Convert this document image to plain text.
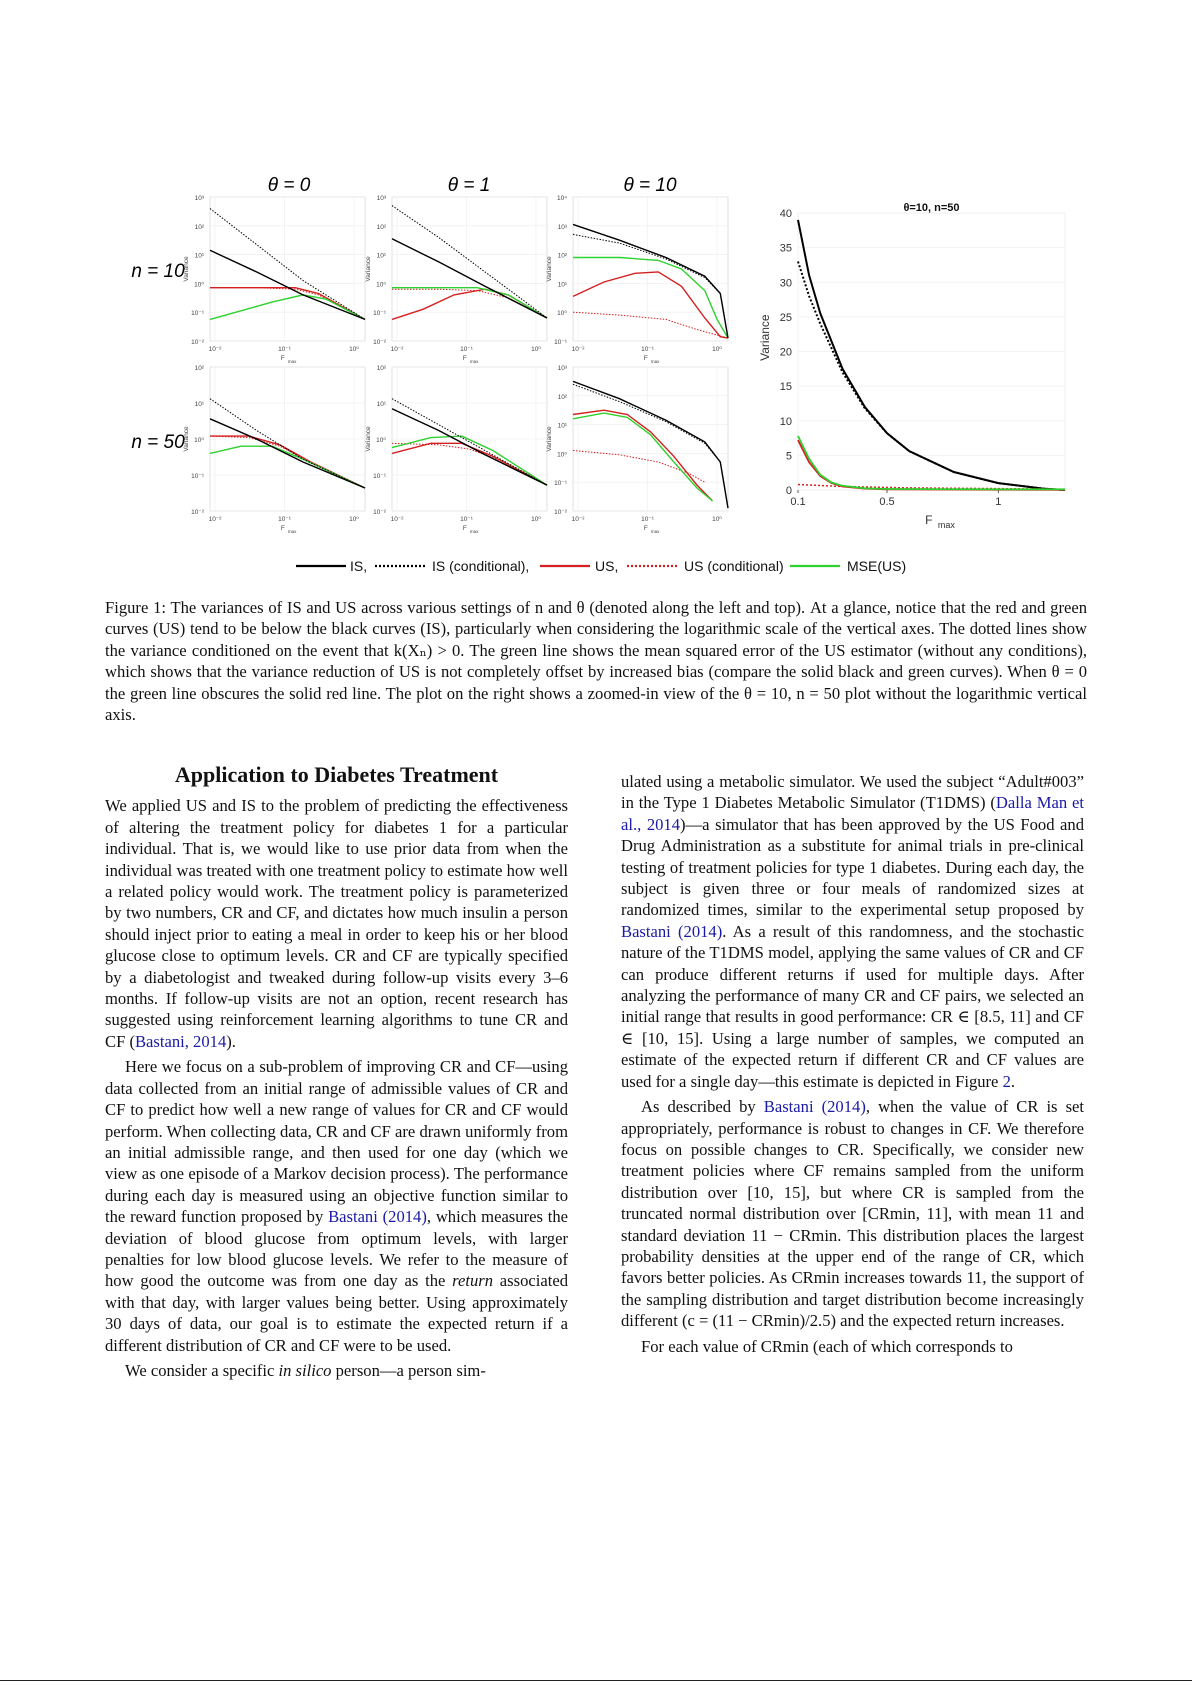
θ = 0	θ = 1	θ = 10
n = 10
n = 50
10³
10²
10¹
10⁰
10⁻¹
10⁻²
10⁻²	10⁻¹	10⁰
F max
Variance
10³
10²
10¹
10⁰
10⁻¹
10⁻²
10⁻²	10⁻¹	10⁰
F max
Variance
10⁴
10³
10²
10¹
10⁰
10⁻¹
10⁻²	10⁻¹	10⁰
F max
Variance
10²
10¹
10⁰
10⁻¹
10⁻²
10⁻²	10⁻¹	10⁰
F max
Variance
10²
10¹
10⁰
10⁻¹
10⁻²
10⁻²	10⁻¹	10⁰
F max
Variance
10³
10²
10¹
10⁰
10⁻¹
10⁻²
10⁻²	10⁻¹	10⁰
F max
Variance
0
5
10
15
20
25
30
35
40
0.1	0.5	1
θ=10, n=50
F max
Variance
IS,	IS (conditional),	US,	US (conditional)	MSE(US)
Figure 1: The variances of IS and US across various settings of n and θ (denoted along the left and top). At a glance, notice that the red and green curves (US) tend to be below the black curves (IS), particularly when considering the logarithmic scale of the vertical axes. The dotted lines show the variance conditioned on the event that k(Xₙ) > 0. The green line shows the mean squared error of the US estimator (without any conditions), which shows that the variance reduction of US is not completely offset by increased bias (compare the solid black and green curves). When θ = 0 the green line obscures the solid red line. The plot on the right shows a zoomed-in view of the θ = 10, n = 50 plot without the logarithmic vertical axis.
Application to Diabetes Treatment

We applied US and IS to the problem of predicting the effectiveness of altering the treatment policy for diabetes 1 for a particular individual. That is, we would like to use prior data from when the individual was treated with one treatment policy to estimate how well a related policy would work. The treatment policy is parameterized by two numbers, CR and CF, and dictates how much insulin a person should inject prior to eating a meal in order to keep his or her blood glucose close to optimum levels. CR and CF are typically specified by a diabetologist and tweaked during follow-up visits every 3–6 months. If follow-up visits are not an option, recent research has suggested using reinforcement learning algorithms to tune CR and CF (Bastani, 2014).

Here we focus on a sub-problem of improving CR and CF—using data collected from an initial range of admissible values of CR and CF to predict how well a new range of values for CR and CF would perform. When collecting data, CR and CF are drawn uniformly from an initial admissible range, and then used for one day (which we view as one episode of a Markov decision process). The performance during each day is measured using an objective function similar to the reward function proposed by Bastani (2014), which measures the deviation of blood glucose from optimum levels, with larger penalties for low blood glucose levels. We refer to the measure of how good the outcome was from one day as the return associated with that day, with larger values being better. Using approximately 30 days of data, our goal is to estimate the expected return if a different distribution of CR and CF were to be used.

We consider a specific in silico person—a person sim-

ulated using a metabolic simulator. We used the subject “Adult#003” in the Type 1 Diabetes Metabolic Simulator (T1DMS) (Dalla Man et al., 2014)—a simulator that has been approved by the US Food and Drug Administration as a substitute for animal trials in pre-clinical testing of treatment policies for type 1 diabetes. During each day, the subject is given three or four meals of randomized sizes at randomized times, similar to the experimental setup proposed by Bastani (2014). As a result of this randomness, and the stochastic nature of the T1DMS model, applying the same values of CR and CF can produce different returns if used for multiple days. After analyzing the performance of many CR and CF pairs, we selected an initial range that results in good performance: CR ∈ [8.5, 11] and CF ∈ [10, 15]. Using a large number of samples, we computed an estimate of the expected return if different CR and CF values are used for a single day—this estimate is depicted in Figure 2.

As described by Bastani (2014), when the value of CR is set appropriately, performance is robust to changes in CF. We therefore focus on possible changes to CR. Specifically, we consider new treatment policies where CF remains sampled from the uniform distribution over [10, 15], but where CR is sampled from the truncated normal distribution over [CRmin, 11], with mean 11 and standard deviation 11 − CRmin. This distribution places the largest probability densities at the upper end of the range of CR, which favors better policies. As CRmin increases towards 11, the support of the sampling distribution and target distribution become increasingly different (c = (11 − CRmin)/2.5) and the expected return increases.

For each value of CRmin (each of which corresponds to
